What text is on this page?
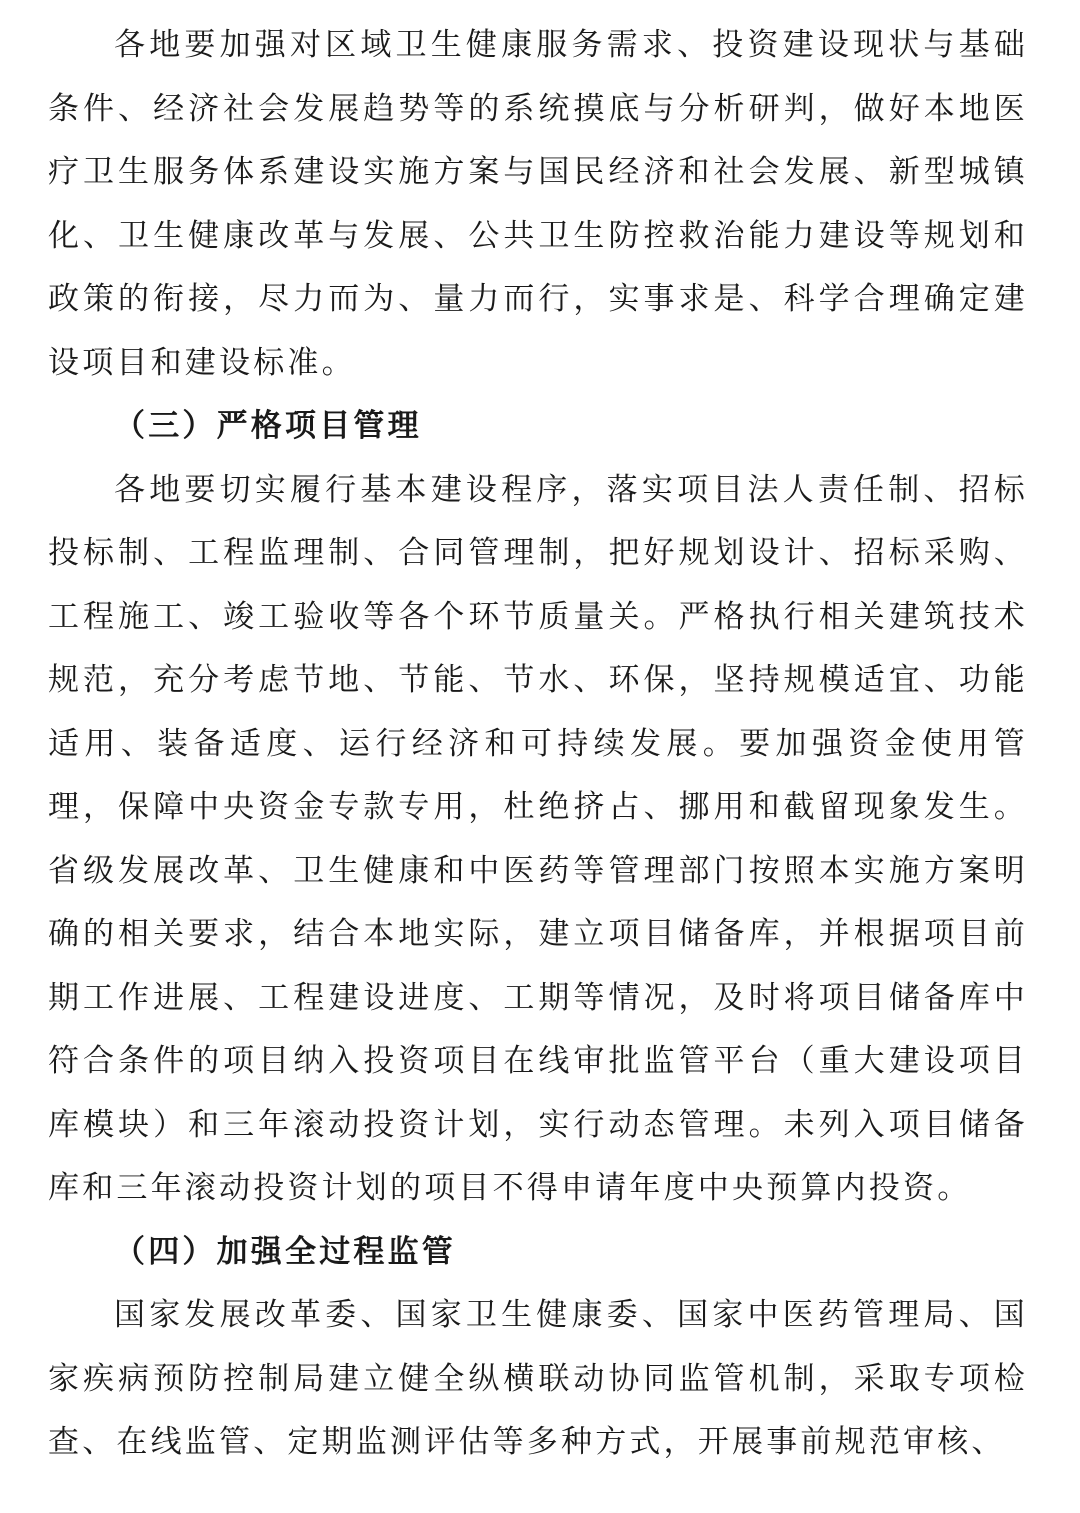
各地要加强对区域卫生健康服务需求、投资建设现状与基础条件、经济社会发展趋势等的系统摸底与分析研判，做好本地医疗卫生服务体系建设实施方案与国民经济和社会发展、新型城镇化、卫生健康改革与发展、公共卫生防控救治能力建设等规划和政策的衔接，尽力而为、量力而行，实事求是、科学合理确定建设项目和建设标准。

（三）严格项目管理

各地要切实履行基本建设程序，落实项目法人责任制、招标投标制、工程监理制、合同管理制，把好规划设计、招标采购、工程施工、竣工验收等各个环节质量关。严格执行相关建筑技术规范，充分考虑节地、节能、节水、环保，坚持规模适宜、功能适用、装备适度、运行经济和可持续发展。要加强资金使用管理，保障中央资金专款专用，杜绝挤占、挪用和截留现象发生。省级发展改革、卫生健康和中医药等管理部门按照本实施方案明确的相关要求，结合本地实际，建立项目储备库，并根据项目前期工作进展、工程建设进度、工期等情况，及时将项目储备库中符合条件的项目纳入投资项目在线审批监管平台（重大建设项目库模块）和三年滚动投资计划，实行动态管理。未列入项目储备库和三年滚动投资计划的项目不得申请年度中央预算内投资。

（四）加强全过程监管

国家发展改革委、国家卫生健康委、国家中医药管理局、国家疾病预防控制局建立健全纵横联动协同监管机制，采取专项检查、在线监管、定期监测评估等多种方式，开展事前规范审核、
